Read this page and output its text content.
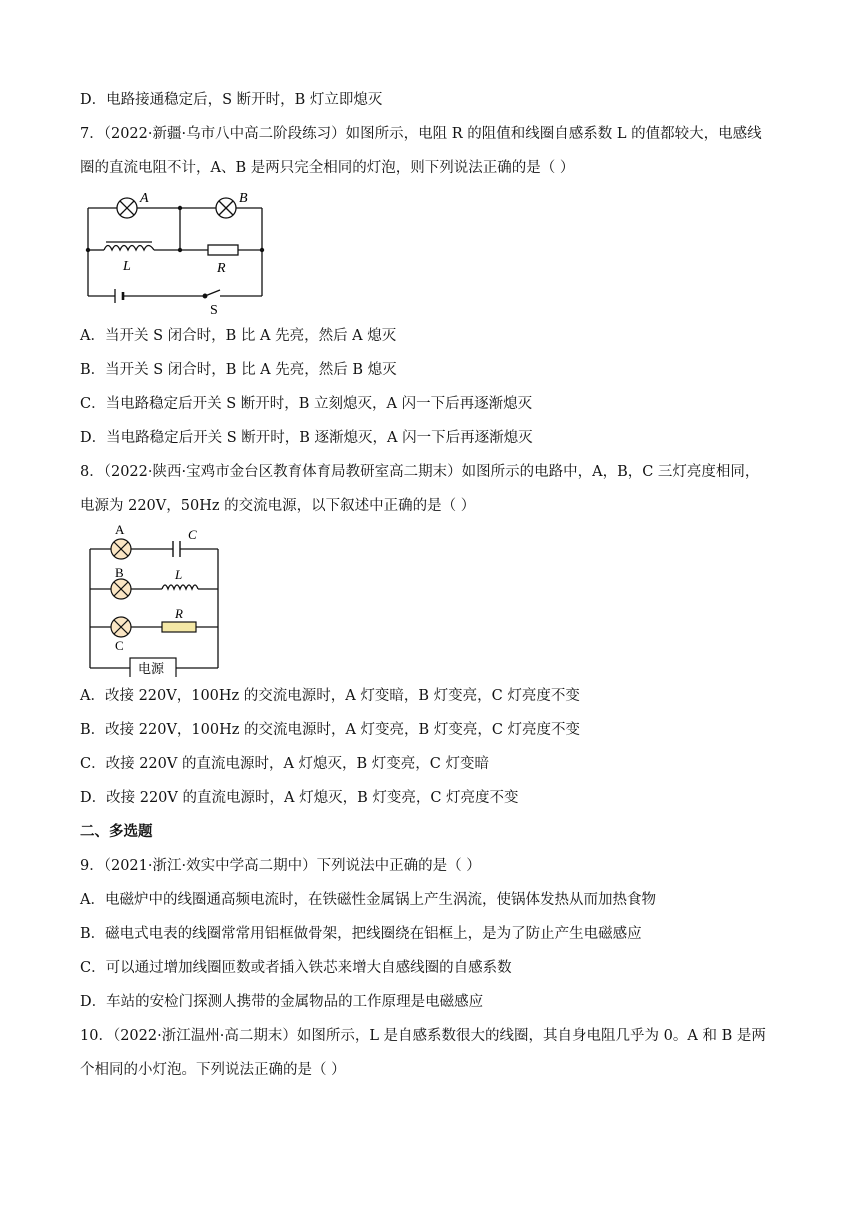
D．电路接通稳定后，S 断开时，B 灯立即熄灭
7．（2022·新疆·乌市八中高二阶段练习）如图所示，电阻 R 的阻值和线圈自感系数 L 的值都较大，电感线
圈的直流电阻不计，A、B 是两只完全相同的灯泡，则下列说法正确的是（ ）
A	B
L	R
S
A．当开关 S 闭合时，B 比 A 先亮，然后 A 熄灭
B．当开关 S 闭合时，B 比 A 先亮，然后 B 熄灭
C．当电路稳定后开关 S 断开时，B 立刻熄灭，A 闪一下后再逐渐熄灭
D．当电路稳定后开关 S 断开时，B 逐渐熄灭，A 闪一下后再逐渐熄灭
8．（2022·陕西·宝鸡市金台区教育体育局教研室高二期末）如图所示的电路中，A，B，C 三灯亮度相同，
电源为 220V，50Hz 的交流电源，以下叙述中正确的是（ ）
A
B
C
C
L
R
电源
A．改接 220V，100Hz 的交流电源时，A 灯变暗，B 灯变亮，C 灯亮度不变
B．改接 220V，100Hz 的交流电源时，A 灯变亮，B 灯变亮，C 灯亮度不变
C．改接 220V 的直流电源时，A 灯熄灭，B 灯变亮，C 灯变暗
D．改接 220V 的直流电源时，A 灯熄灭，B 灯变亮，C 灯亮度不变
二、多选题
9．（2021·浙江·效实中学高二期中）下列说法中正确的是（ ）
A．电磁炉中的线圈通高频电流时，在铁磁性金属锅上产生涡流，使锅体发热从而加热食物
B．磁电式电表的线圈常常用铝框做骨架，把线圈绕在铝框上，是为了防止产生电磁感应
C．可以通过增加线圈匝数或者插入铁芯来增大自感线圈的自感系数
D．车站的安检门探测人携带的金属物品的工作原理是电磁感应
10．（2022·浙江温州·高二期末）如图所示，L 是自感系数很大的线圈，其自身电阻几乎为 0。A 和 B 是两
个相同的小灯泡。下列说法正确的是（ ）
